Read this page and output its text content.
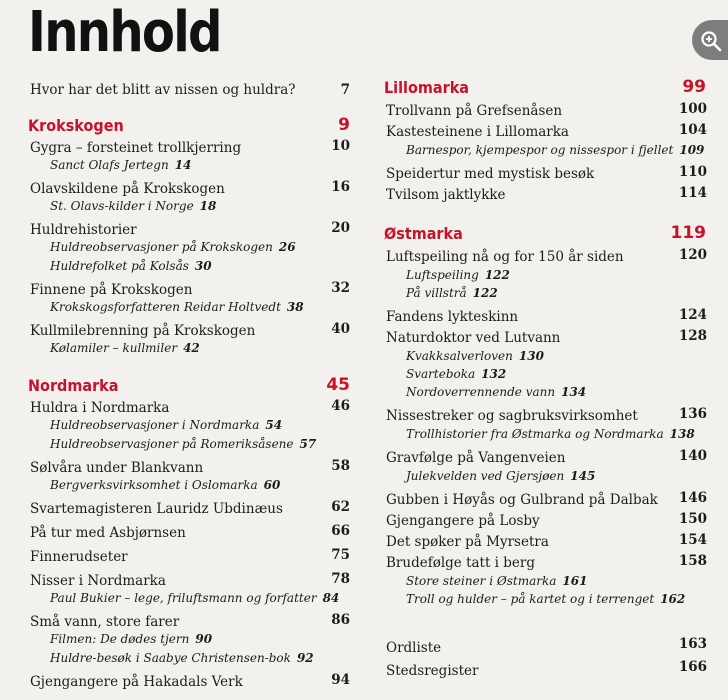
Innhold
Hvor har det blitt av nissen og huldra?	7
Krokskogen	9
Gygra – forsteinet trollkjerring	10
Sanct Olafs Jertegn 14
Olavskildene på Krokskogen	16
St. Olavs-kilder i Norge 18
Huldrehistorier	20
Huldreobservasjoner på Krokskogen 26
Huldrefolket på Kolsås 30
Finnene på Krokskogen	32
Krokskogsforfatteren Reidar Holtvedt 38
Kullmilebrenning på Krokskogen	40
Kølamiler – kullmiler 42
Nordmarka	45
Huldra i Nordmarka	46
Huldreobservasjoner i Nordmarka 54
Huldreobservasjoner på Romeriksåsene 57
Sølvåra under Blankvann	58
Bergverksvirksomhet i Oslomarka 60
Svartemagisteren Lauridz Ubdinæus	62
På tur med Asbjørnsen	66
Finnerudseter	75
Nisser i Nordmarka	78
Paul Bukier – lege, friluftsmann og forfatter 84
Små vann, store farer	86
Filmen: De dødes tjern 90
Huldre-besøk i Saabye Christensen-bok 92
Gjengangere på Hakadals Verk	94
Lillomarka	99
Trollvann på Grefsenåsen	100
Kastesteinene i Lillomarka	104
Barnespor, kjempespor og nissespor i fjellet 109
Speidertur med mystisk besøk	110
Tvilsom jaktlykke	114
Østmarka	119
Luftspeiling nå og for 150 år siden	120
Luftspeiling 122
På villstrå 122
Fandens lykteskinn	124
Naturdoktor ved Lutvann	128
Kvakksalverloven 130
Svarteboka 132
Nordoverrennende vann 134
Nissestreker og sagbruksvirksomhet	136
Trollhistorier fra Østmarka og Nordmarka 138
Gravfølge på Vangenveien	140
Julekvelden ved Gjersjøen 145
Gubben i Høyås og Gulbrand på Dalbak	146
Gjengangere på Losby	150
Det spøker på Myrsetra	154
Brudefølge tatt i berg	158
Store steiner i Østmarka 161
Troll og hulder – på kartet og i terrenget 162
Ordliste	163
Stedsregister	166
